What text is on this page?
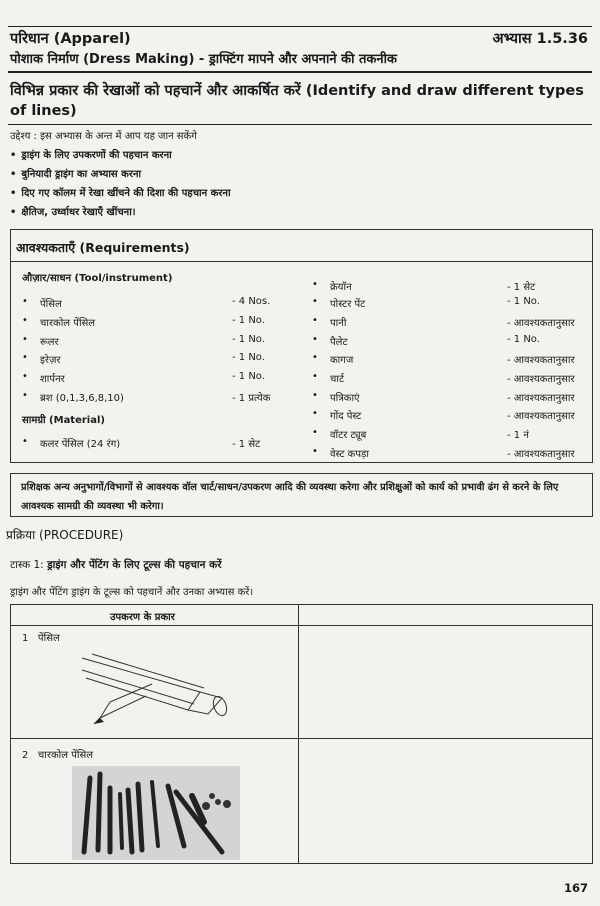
परिधान (Apparel)	अभ्यास 1.5.36
पोशाक निर्माण (Dress Making) - ड्राफ्टिंग मापने और अपनाने की तकनीक
विभिन्न प्रकार की रेखाओं को पहचानें और आकर्षित करें (Identify and draw different types of lines)
उद्देश्य : इस अभ्यास के अन्त में आप यह जान सकेंगे
• ड्राइंग के लिए उपकरणों की पहचान करना
• बुनियादी ड्राइंग का अभ्यास करना
• दिए गए कॉलम में रेखा खींचने की दिशा की पहचान करना
• क्षैतिज, उर्ध्वाधर रेखाएँ खींचना।
आवश्यकताएँ (Requirements)
औज़ार/साधन (Tool/instrument)
• पेंसिल	- 4 Nos.
• चारकोल पेंसिल	- 1 No.
• रूलर	- 1 No.
• इरेज़र	- 1 No.
• शार्पनर	- 1 No.
• ब्रश (0,1,3,6,8,10)	- 1 प्रत्येक
सामग्री (Material)
• कलर पेंसिल (24 रंग)	- 1 सेट
• क्रेयॉन	- 1 सेट
• पोस्टर पेंट	- 1 No.
• पानी	- आवश्यकतानुसार
• पैलेट	- 1 No.
• कागज	- आवश्यकतानुसार
• चार्ट	- आवश्यकतानुसार
• पत्रिकाएं	- आवश्यकतानुसार
• गोंद पेस्ट	- आवश्यकतानुसार
• वॉटर ट्यूब	- 1 नं
• वेस्ट कपड़ा	- आवश्यकतानुसार
प्रशिक्षक अन्य अनुभागों/विभागों से आवश्यक वॉल चार्ट/साधन/उपकरण आदि की व्यवस्था करेगा और प्रशिक्षुओं को कार्य को प्रभावी ढंग से करने के लिए आवश्यक सामग्री की व्यवस्था भी करेगा।
प्रक्रिया (PROCEDURE)
टास्क 1: ड्राइंग और पेंटिंग के लिए टूल्स की पहचान करें
ड्राइंग और पेंटिंग ड्राइंग के टूल्स को पहचानें और उनका अभ्यास करें।
उपकरण के प्रकार
1 पेंसिल
2 चारकोल पेंसिल
167
